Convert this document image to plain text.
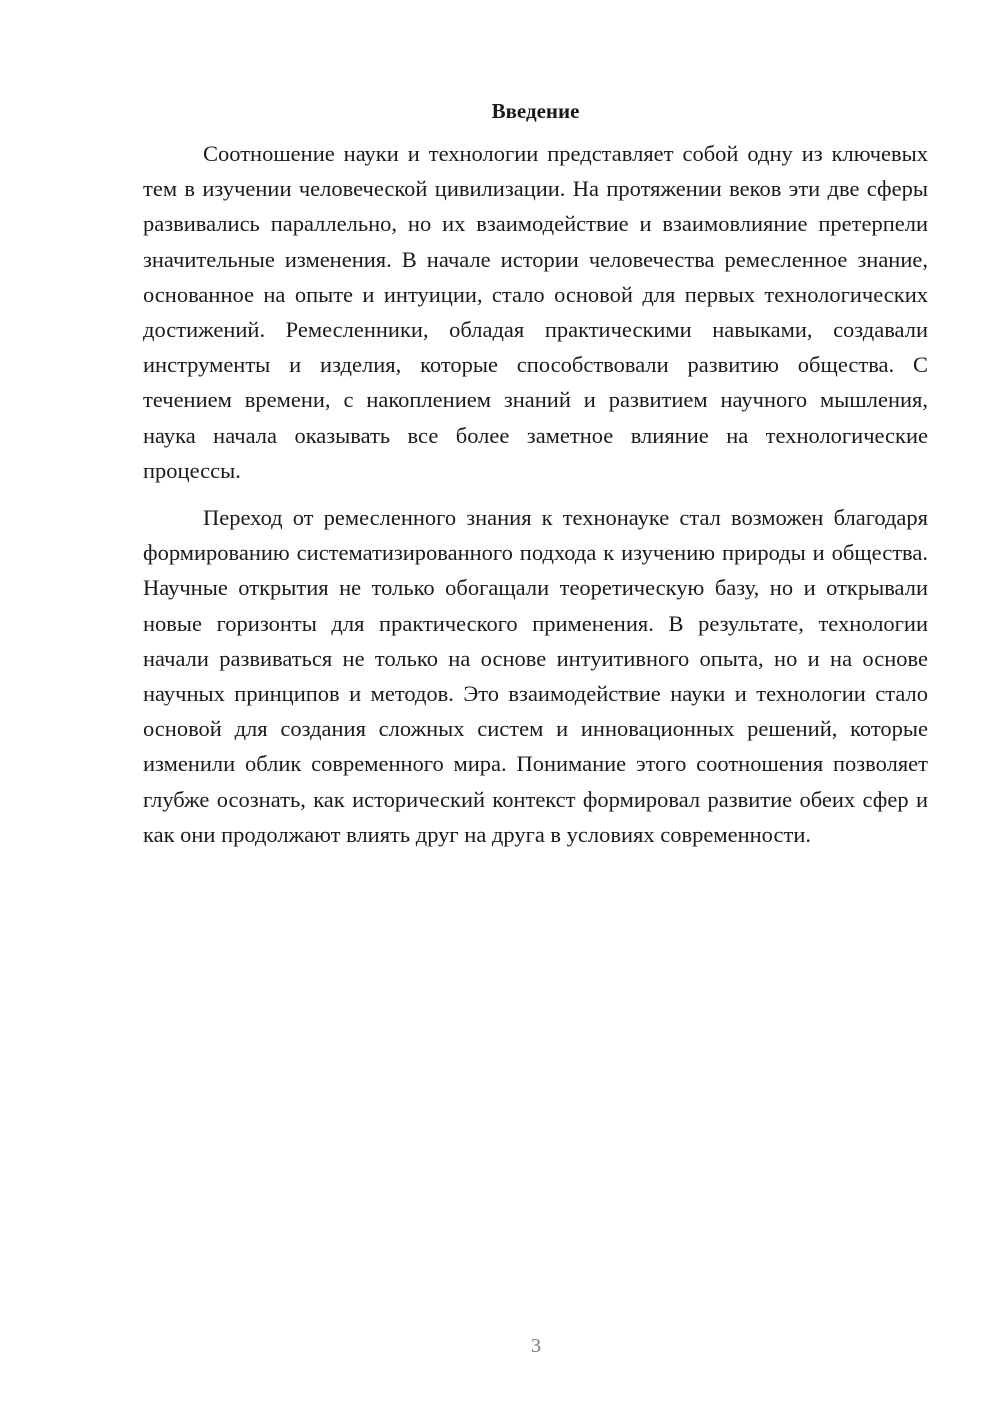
Введение

Соотношение науки и технологии представляет собой одну из ключевых тем в изучении человеческой цивилизации. На протяжении веков эти две сферы развивались параллельно, но их взаимодействие и взаимовлияние претерпели значительные изменения. В начале истории человечества ремесленное знание, основанное на опыте и интуиции, стало основой для первых технологических достижений. Ремесленники, обладая практическими навыками, создавали инструменты и изделия, которые способствовали развитию общества. С течением времени, с накоплением знаний и развитием научного мышления, наука начала оказывать все более заметное влияние на технологические процессы.

Переход от ремесленного знания к технонауке стал возможен благодаря формированию систематизированного подхода к изучению природы и общества. Научные открытия не только обогащали теоретическую базу, но и открывали новые горизонты для практического применения. В результате, технологии начали развиваться не только на основе интуитивного опыта, но и на основе научных принципов и методов. Это взаимодействие науки и технологии стало основой для создания сложных систем и инновационных решений, которые изменили облик современного мира. Понимание этого соотношения позволяет глубже осознать, как исторический контекст формировал развитие обеих сфер и как они продолжают влиять друг на друга в условиях современности.

3
